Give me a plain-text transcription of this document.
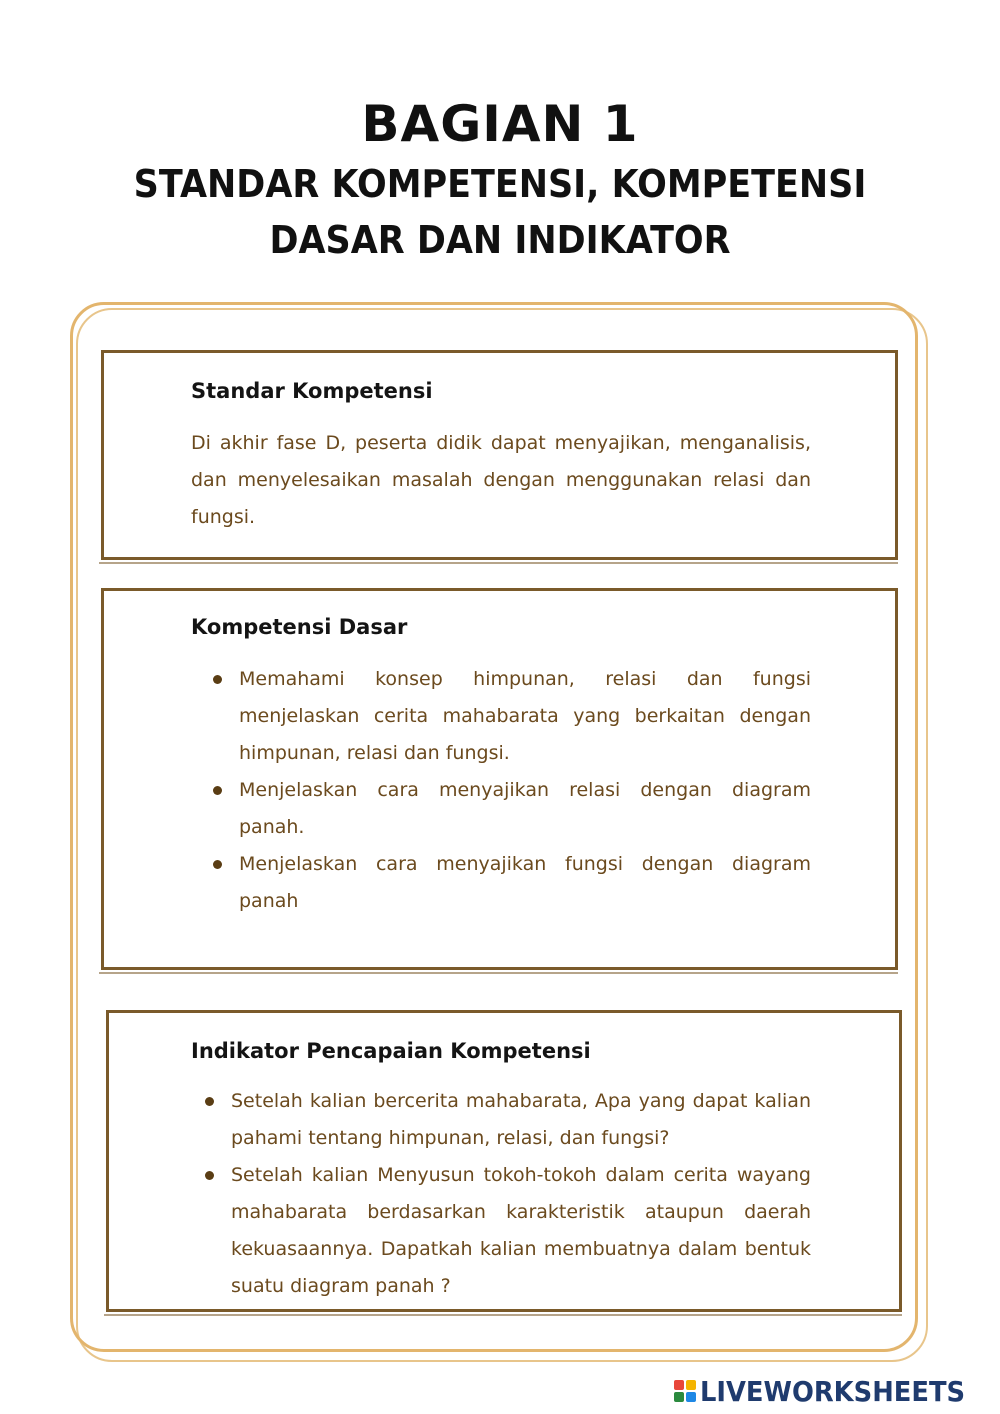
BAGIAN 1

STANDAR KOMPETENSI, KOMPETENSI

DASAR DAN INDIKATOR

Standar Kompetensi

Di akhir fase D, peserta didik dapat menyajikan, menganalisis, dan menyelesaikan masalah dengan menggunakan relasi dan fungsi.

Kompetensi Dasar

Memahami konsep himpunan, relasi dan fungsi menjelaskan cerita mahabarata yang berkaitan dengan himpunan, relasi dan fungsi.
Menjelaskan cara menyajikan relasi dengan diagram panah.
Menjelaskan cara menyajikan fungsi dengan diagram panah

Indikator Pencapaian Kompetensi

Setelah kalian bercerita mahabarata, Apa yang dapat kalian pahami tentang himpunan, relasi, dan fungsi?
Setelah kalian Menyusun tokoh-tokoh dalam cerita wayang mahabarata berdasarkan karakteristik ataupun daerah kekuasaannya. Dapatkah kalian membuatnya dalam bentuk suatu diagram panah ?
LIVEWORKSHEETS
